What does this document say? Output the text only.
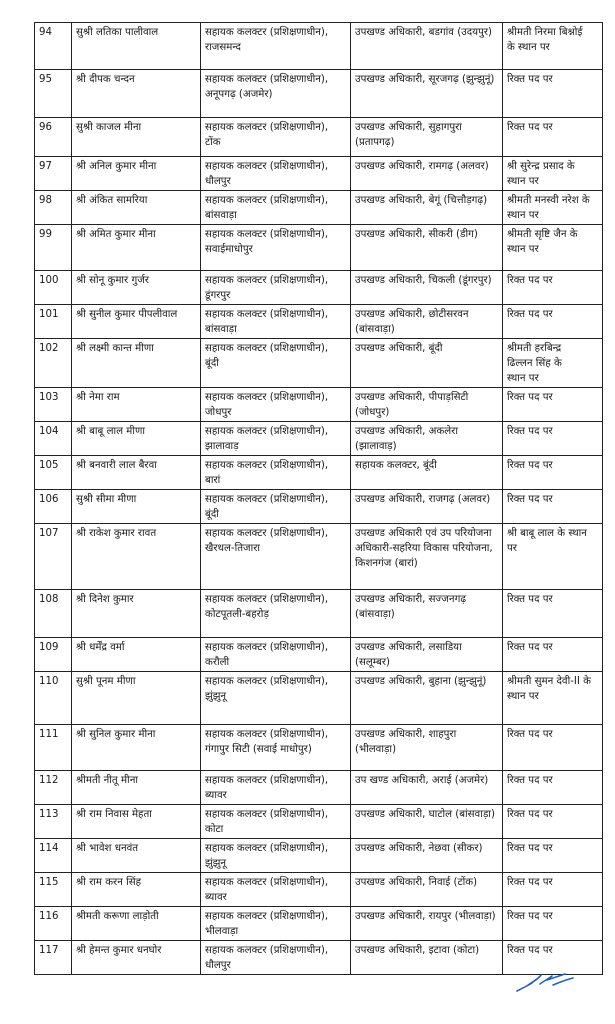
94	सुश्री लतिका पालीवाल	सहायक कलक्टर (प्रशिक्षणाधीन),
राजसमन्द	उपखण्ड अधिकारी, बडगांव (उदयपुर)	श्रीमती निरमा बिश्नोई
के स्थान पर

95	श्री दीपक चन्दन	सहायक कलक्टर (प्रशिक्षणाधीन),
अनूपगढ़ (अजमेर)	उपखण्ड अधिकारी, सूरजगढ़ (झुन्झुनूं)	रिक्त पद पर

96	सुश्री काजल मीना	सहायक कलक्टर (प्रशिक्षणाधीन),
टोंक	उपखण्ड अधिकारी, सुहागपुरा
(प्रतापगढ़)	रिक्त पद पर

97	श्री अनिल कुमार मीना	सहायक कलक्टर (प्रशिक्षणाधीन),
धौलपुर	उपखण्ड अधिकारी, रामगढ़ (अलवर)	श्री सुरेन्द्र प्रसाद के
स्थान पर

98	श्री अंकित सामरिया	सहायक कलक्टर (प्रशिक्षणाधीन),
बांसवाड़ा	उपखण्ड अधिकारी, बेगूं (चित्तौड़गढ़)	श्रीमती मनस्वी नरेश के
स्थान पर

99	श्री अमित कुमार मीना	सहायक कलक्टर (प्रशिक्षणाधीन),
सवाईमाधोपुर	उपखण्ड अधिकारी, सीकरी (डीग)	श्रीमती सृष्टि जैन के
स्थान पर

100	श्री सोनू कुमार गुर्जर	सहायक कलक्टर (प्रशिक्षणाधीन),
डूंगरपुर	उपखण्ड अधिकारी, चिकली (डूंगरपुर)	रिक्त पद पर

101	श्री सुनील कुमार पीपलीवाल	सहायक कलक्टर (प्रशिक्षणाधीन),
बांसवाड़ा	उपखण्ड अधिकारी, छोटीसरवन
(बांसवाड़ा)	रिक्त पद पर

102	श्री लक्ष्मी कान्त मीणा	सहायक कलक्टर (प्रशिक्षणाधीन),
बूंदी	उपखण्ड अधिकारी, बूंदी	श्रीमती हरबिन्द्र
ढिल्लन सिंह के
स्थान पर

103	श्री नेमा राम	सहायक कलक्टर (प्रशिक्षणाधीन),
जोधपुर	उपखण्ड अधिकारी, पीपाड़सिटी
(जोधपुर)	रिक्त पद पर

104	श्री बाबू लाल मीणा	सहायक कलक्टर (प्रशिक्षणाधीन),
झालावाड़	उपखण्ड अधिकारी, अकलेरा
(झालावाड़)	रिक्त पद पर

105	श्री बनवारी लाल बैरवा	सहायक कलक्टर (प्रशिक्षणाधीन),
बारां	सहायक कलक्टर, बूंदी	रिक्त पद पर

106	सुश्री सीमा मीणा	सहायक कलक्टर (प्रशिक्षणाधीन),
बूंदी	उपखण्ड अधिकारी, राजगढ़ (अलवर)	रिक्त पद पर

107	श्री राकेश कुमार रावत	सहायक कलक्टर (प्रशिक्षणाधीन),
खैरथल-तिजारा	उपखण्ड अधिकारी एवं उप परियोजना
अधिकारी-सहरिया विकास परियोजना,
किशनगंज (बारां)	श्री बाबू लाल के स्थान
पर

108	श्री दिनेश कुमार	सहायक कलक्टर (प्रशिक्षणाधीन),
कोटपूतली-बहरोड़	उपखण्ड अधिकारी, सज्जनगढ़
(बांसवाड़ा)	रिक्त पद पर

109	श्री धर्मेंद्र वर्मा	सहायक कलक्टर (प्रशिक्षणाधीन),
करौली	उपखण्ड अधिकारी, लसाडिया
(सलूम्बर)	रिक्त पद पर

110	सुश्री पूनम मीणा	सहायक कलक्टर (प्रशिक्षणाधीन),
झुंझुनू	उपखण्ड अधिकारी, बुहाना (झुन्झुनूं)	श्रीमती सुमन देवी-II के
स्थान पर

111	श्री सुनिल कुमार मीना	सहायक कलक्टर (प्रशिक्षणाधीन),
गंगापुर सिटी (सवाई माधोपुर)	उपखण्ड अधिकारी, शाहपुरा
(भीलवाड़ा)	रिक्त पद पर

112	श्रीमती नीतू मीना	सहायक कलक्टर (प्रशिक्षणाधीन),
ब्यावर	उप खण्ड अधिकारी, अराई (अजमेर)	रिक्त पद पर

113	श्री राम निवास मेहता	सहायक कलक्टर (प्रशिक्षणाधीन),
कोटा	उपखण्ड अधिकारी, घाटोल (बांसवाड़ा)	रिक्त पद पर

114	श्री भावेश धनवंत	सहायक कलक्टर (प्रशिक्षणाधीन),
झुंझुनू	उपखण्ड अधिकारी, नेछवा (सीकर)	रिक्त पद पर

115	श्री राम करन सिंह	सहायक कलक्टर (प्रशिक्षणाधीन),
ब्यावर	उपखण्ड अधिकारी, निवाई (टोंक)	रिक्त पद पर

116	श्रीमती करूणा लाड़ोती	सहायक कलक्टर (प्रशिक्षणाधीन),
भीलवाड़ा	उपखण्ड अधिकारी, रायपुर (भीलवाड़ा)	रिक्त पद पर

117	श्री हेमन्त कुमार धनघोर	सहायक कलक्टर (प्रशिक्षणाधीन),
धौलपुर	उपखण्ड अधिकारी, इटावा (कोटा)	रिक्त पद पर
